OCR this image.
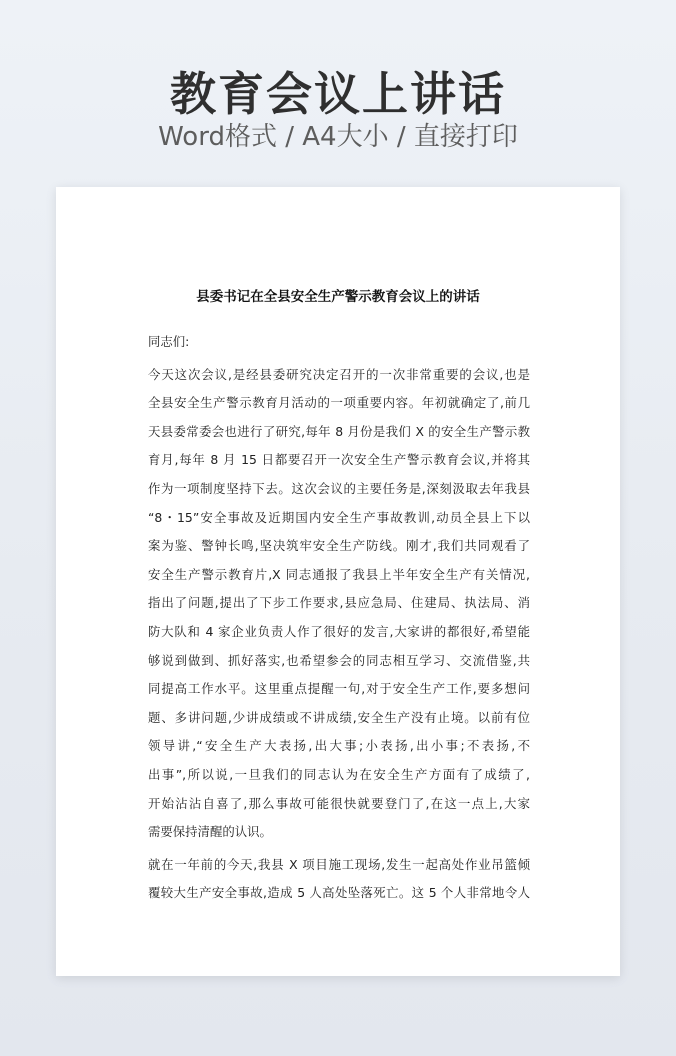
教育会议上讲话
Word格式 / A4大小 / 直接打印
县委书记在全县安全生产警示教育会议上的讲话
同志们:
今天这次会议,是经县委研究决定召开的一次非常重要的会议,也是
全县安全生产警示教育月活动的一项重要内容。年初就确定了,前几
天县委常委会也进行了研究,每年 8 月份是我们 X 的安全生产警示教
育月,每年 8 月 15 日都要召开一次安全生产警示教育会议,并将其
作为一项制度坚持下去。这次会议的主要任务是,深刻汲取去年我县
“8・15”安全事故及近期国内安全生产事故教训,动员全县上下以
案为鉴、警钟长鸣,坚决筑牢安全生产防线。刚才,我们共同观看了
安全生产警示教育片,X 同志通报了我县上半年安全生产有关情况,
指出了问题,提出了下步工作要求,县应急局、住建局、执法局、消
防大队和 4 家企业负责人作了很好的发言,大家讲的都很好,希望能
够说到做到、抓好落实,也希望参会的同志相互学习、交流借鉴,共
同提高工作水平。这里重点提醒一句,对于安全生产工作,要多想问
题、多讲问题,少讲成绩或不讲成绩,安全生产没有止境。以前有位
领导讲,“安全生产大表扬,出大事;小表扬,出小事;不表扬,不
出事”,所以说,一旦我们的同志认为在安全生产方面有了成绩了,
开始沾沾自喜了,那么事故可能很快就要登门了,在这一点上,大家
需要保持清醒的认识。
就在一年前的今天,我县 X 项目施工现场,发生一起高处作业吊篮倾
覆较大生产安全事故,造成 5 人高处坠落死亡。这 5 个人非常地令人
